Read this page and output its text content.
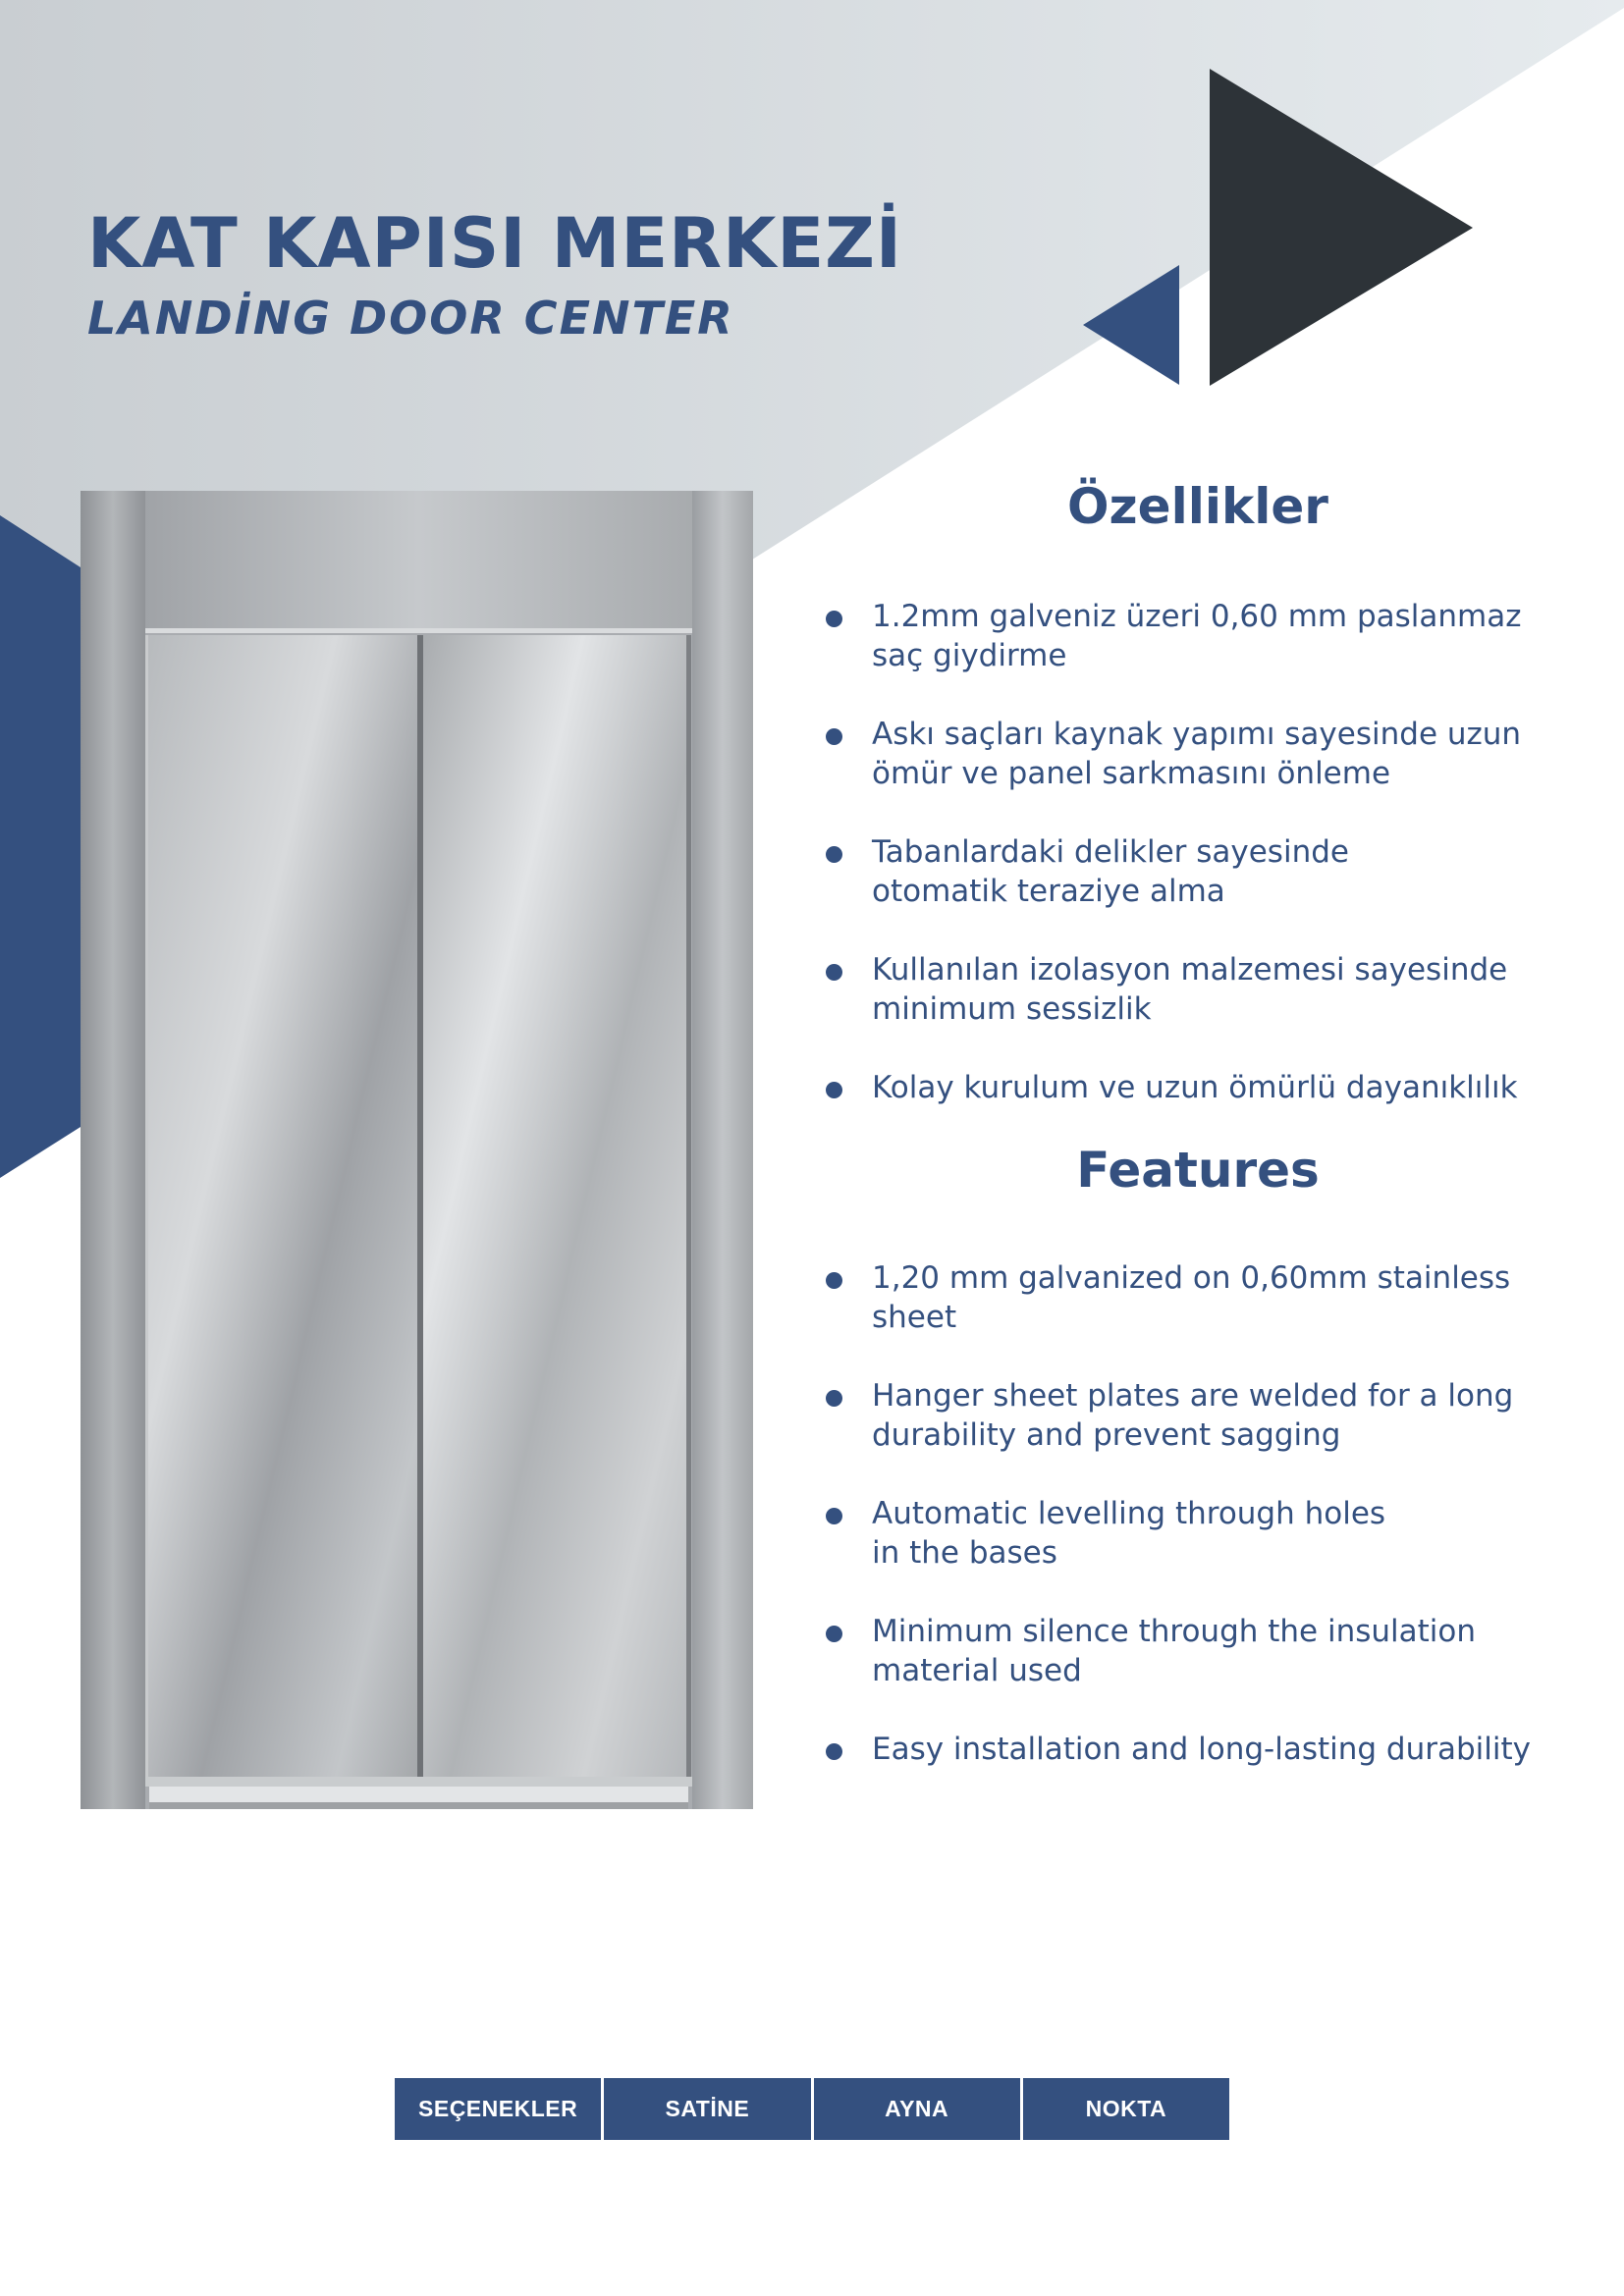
KAT KAPISI MERKEZİ
LANDİNG DOOR CENTER
Özellikler
1.2mm galveniz üzeri 0,60 mm paslanmaz
saç giydirme
Askı saçları kaynak yapımı sayesinde uzun
ömür ve panel sarkmasını önleme
Tabanlardaki delikler sayesinde
otomatik teraziye alma
Kullanılan izolasyon malzemesi sayesinde
minimum sessizlik
Kolay kurulum ve uzun ömürlü dayanıklılık
Features
1,20 mm galvanized on 0,60mm stainless
sheet
Hanger sheet plates are welded for a long
durability and prevent sagging
Automatic levelling through holes
in the bases
Minimum silence through the insulation
material used
Easy installation and long-lasting durability
SEÇENEKLER	SATİNE	AYNA	NOKTA
